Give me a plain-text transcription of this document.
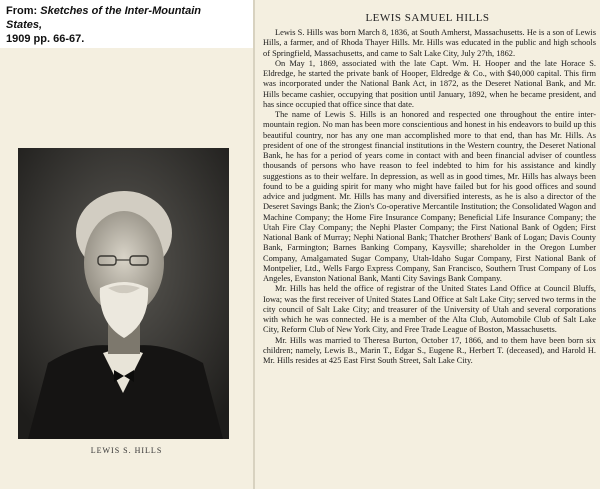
From: Sketches of the Inter-Mountain States,
1909 pp. 66-67.
LEWIS S. HILLS
LEWIS SAMUEL HILLS

Lewis S. Hills was born March 8, 1836, at South Amherst, Massachusetts. He is a son of Lewis Hills, a farmer, and of Rhoda Thayer Hills. Mr. Hills was educated in the public and high schools of Springfield, Massachusetts, and came to Salt Lake City, July 27th, 1862.

On May 1, 1869, associated with the late Capt. Wm. H. Hooper and the late Horace S. Eldredge, he started the private bank of Hooper, Eldredge & Co., with $40,000 capital. This firm was incorporated under the National Bank Act, in 1872, as the Deseret National Bank, and Mr. Hills became cashier, occupying that position until January, 1892, when he became president, and has since occupied that office since that date.

The name of Lewis S. Hills is an honored and respected one throughout the entire inter-mountain region. No man has been more conscientious and honest in his endeavors to build up this beautiful country, nor has any one man accomplished more to that end, than has Mr. Hills. As president of one of the strongest financial institutions in the Western country, the Deseret National Bank, he has for a period of years come in contact with and been financial adviser of countless thousands of persons who have reason to feel indebted to him for his assistance and kindly suggestions as to their welfare. In depression, as well as in good times, Mr. Hills has always been found to be a guiding spirit for many who might have failed but for his good offices and sound advice and judgment. Mr. Hills has many and diversified interests, as he is also a director of the Deseret Savings Bank; the Zion's Co-operative Mercantile Institution; the Consolidated Wagon and Machine Company; the Home Fire Insurance Company; Beneficial Life Insurance Company; the Utah Fire Clay Company; the Nephi Plaster Company; the First National Bank of Ogden; First National Bank of Murray; Nephi National Bank; Thatcher Brothers' Bank of Logan; Davis County Bank, Farmington; Barnes Banking Company, Kaysville; shareholder in the Oregon Lumber Company, Amalgamated Sugar Company, Utah-Idaho Sugar Company, First National Bank of Montpelier, Ltd., Wells Fargo Express Company, San Francisco, Southern Trust Company of Los Angeles, Evanston National Bank, Manti City Savings Bank Company.

Mr. Hills has held the office of registrar of the United States Land Office at Council Bluffs, Iowa; was the first receiver of United States Land Office at Salt Lake City; served two terms in the city council of Salt Lake City; and treasurer of the University of Utah and several corporations with which he was connected. He is a member of the Alta Club, Automobile Club of Salt Lake City, Reform Club of New York City, and Free Trade League of Boston, Massachusetts.

Mr. Hills was married to Theresa Burton, October 17, 1866, and to them have been born six children; namely, Lewis B., Marin T., Edgar S., Eugene R., Herbert T. (deceased), and Harold H. Mr. Hills resides at 425 East First South Street, Salt Lake City.
